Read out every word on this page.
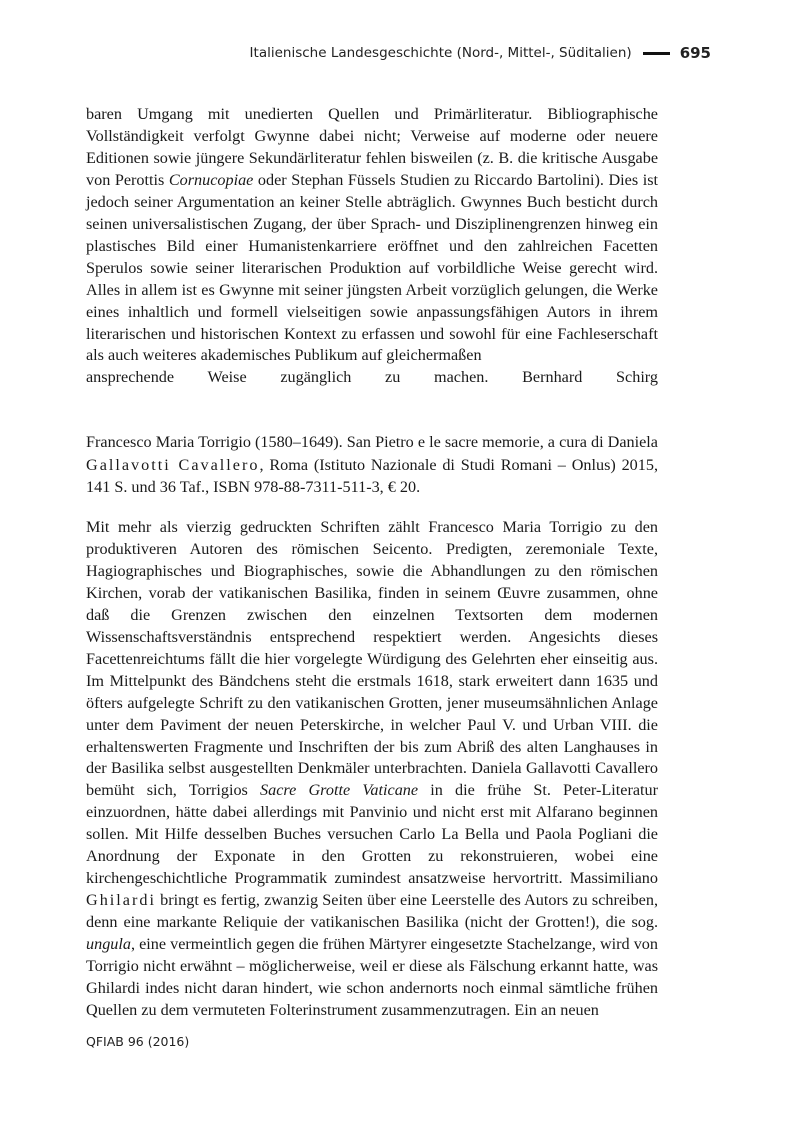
Italienische Landesgeschichte (Nord-, Mittel-, Süditalien)	695
baren Umgang mit unedierten Quellen und Primärliteratur. Bibliographische Vollständigkeit verfolgt Gwynne dabei nicht; Verweise auf moderne oder neuere Editionen sowie jüngere Sekundärliteratur fehlen bisweilen (z. B. die kritische Ausgabe von Perottis Cornucopiae oder Stephan Füssels Studien zu Riccardo Bartolini). Dies ist jedoch seiner Argumentation an keiner Stelle abträglich. Gwynnes Buch besticht durch seinen universalistischen Zugang, der über Sprach- und Disziplinengrenzen hinweg ein plastisches Bild einer Humanistenkarriere eröffnet und den zahlreichen Facetten Sperulos sowie seiner literarischen Produktion auf vorbildliche Weise gerecht wird. Alles in allem ist es Gwynne mit seiner jüngsten Arbeit vorzüglich gelungen, die Werke eines inhaltlich und formell vielseitigen sowie anpassungsfähigen Autors in ihrem literarischen und historischen Kontext zu erfassen und sowohl für eine Fachleserschaft als auch weiteres akademisches Publikum auf gleichermaßen
ansprechende Weise zugänglich zu machen. Bernhard Schirg
Francesco Maria Torrigio (1580–1649). San Pietro e le sacre memorie, a cura di Daniela Gallavotti Cavallero, Roma (Istituto Nazionale di Studi Romani – Onlus) 2015, 141 S. und 36 Taf., ISBN 978-88-7311-511-3, € 20.
Mit mehr als vierzig gedruckten Schriften zählt Francesco Maria Torrigio zu den produktiveren Autoren des römischen Seicento. Predigten, zeremoniale Texte, Hagiographisches und Biographisches, sowie die Abhandlungen zu den römischen Kirchen, vorab der vatikanischen Basilika, finden in seinem Œuvre zusammen, ohne daß die Grenzen zwischen den einzelnen Textsorten dem modernen Wissenschaftsverständnis entsprechend respektiert werden. Angesichts dieses Facettenreichtums fällt die hier vorgelegte Würdigung des Gelehrten eher einseitig aus. Im Mittelpunkt des Bändchens steht die erstmals 1618, stark erweitert dann 1635 und öfters aufgelegte Schrift zu den vatikanischen Grotten, jener museumsähnlichen Anlage unter dem Paviment der neuen Peterskirche, in welcher Paul V. und Urban VIII. die erhaltenswerten Fragmente und Inschriften der bis zum Abriß des alten Langhauses in der Basilika selbst ausgestellten Denkmäler unterbrachten. Daniela Gallavotti Cavallero bemüht sich, Torrigios Sacre Grotte Vaticane in die frühe St. Peter-Literatur einzuordnen, hätte dabei allerdings mit Panvinio und nicht erst mit Alfarano beginnen sollen. Mit Hilfe desselben Buches versuchen Carlo La Bella und Paola Pogliani die Anordnung der Exponate in den Grotten zu rekonstruieren, wobei eine kirchengeschichtliche Programmatik zumindest ansatzweise hervortritt. Massimiliano Ghilardi bringt es fertig, zwanzig Seiten über eine Leerstelle des Autors zu schreiben, denn eine markante Reliquie der vatikanischen Basilika (nicht der Grotten!), die sog. ungula, eine vermeintlich gegen die frühen Märtyrer eingesetzte Stachelzange, wird von Torrigio nicht erwähnt – möglicherweise, weil er diese als Fälschung erkannt hatte, was Ghilardi indes nicht daran hindert, wie schon andernorts noch einmal sämtliche frühen Quellen zu dem vermuteten Folterinstrument zusammenzutragen. Ein an neuen
QFIAB 96 (2016)
